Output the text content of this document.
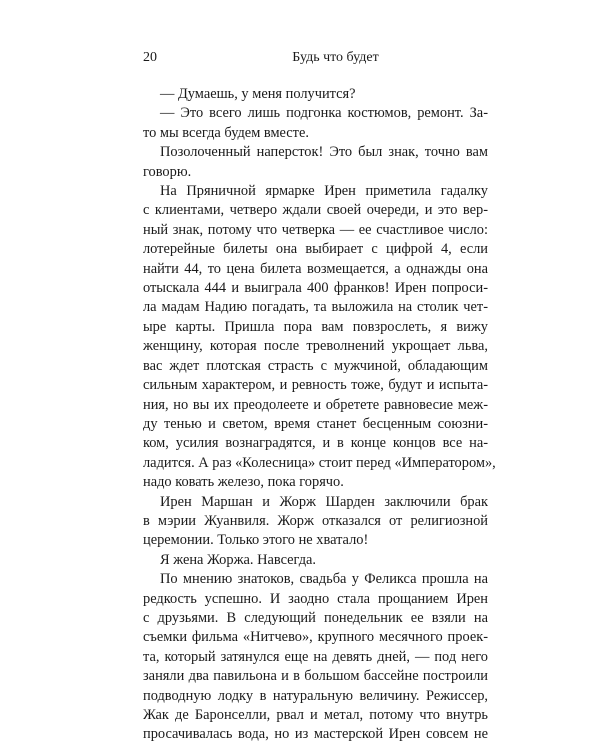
20	Будь что будет
— Думаешь, у меня получится?
— Это всего лишь подгонка костюмов, ремонт. За-
то мы всегда будем вместе.
Позолоченный наперсток! Это был знак, точно вам
говорю.
На Пряничной ярмарке Ирен приметила гадалку
с клиентами, четверо ждали своей очереди, и это вер-
ный знак, потому что четверка — ее счастливое число:
лотерейные билеты она выбирает с цифрой 4, если
найти 44, то цена билета возмещается, а однажды она
отыскала 444 и выиграла 400 франков! Ирен попроси-
ла мадам Надию погадать, та выложила на столик чет-
ыре карты. Пришла пора вам повзрослеть, я вижу
женщину, которая после треволнений укрощает льва,
вас ждет плотская страсть с мужчиной, обладающим
сильным характером, и ревность тоже, будут и испыта-
ния, но вы их преодолеете и обретете равновесие меж-
ду тенью и светом, время станет бесценным союзни-
ком, усилия вознаградятся, и в конце концов все на-
ладится. А раз «Колесница» стоит перед «Императором»,
надо ковать железо, пока горячо.
Ирен Маршан и Жорж Шарден заключили брак
в мэрии Жуанвиля. Жорж отказался от религиозной
церемонии. Только этого не хватало!
Я жена Жоржа. Навсегда.
По мнению знатоков, свадьба у Феликса прошла на
редкость успешно. И заодно стала прощанием Ирен
с друзьями. В следующий понедельник ее взяли на
съемки фильма «Нитчево», крупного месячного проек-
та, который затянулся еще на девять дней, — под него
заняли два павильона и в большом бассейне построили
подводную лодку в натуральную величину. Режиссер,
Жак де Баронселли, рвал и метал, потому что внутрь
просачивалась вода, но из мастерской Ирен совсем не
